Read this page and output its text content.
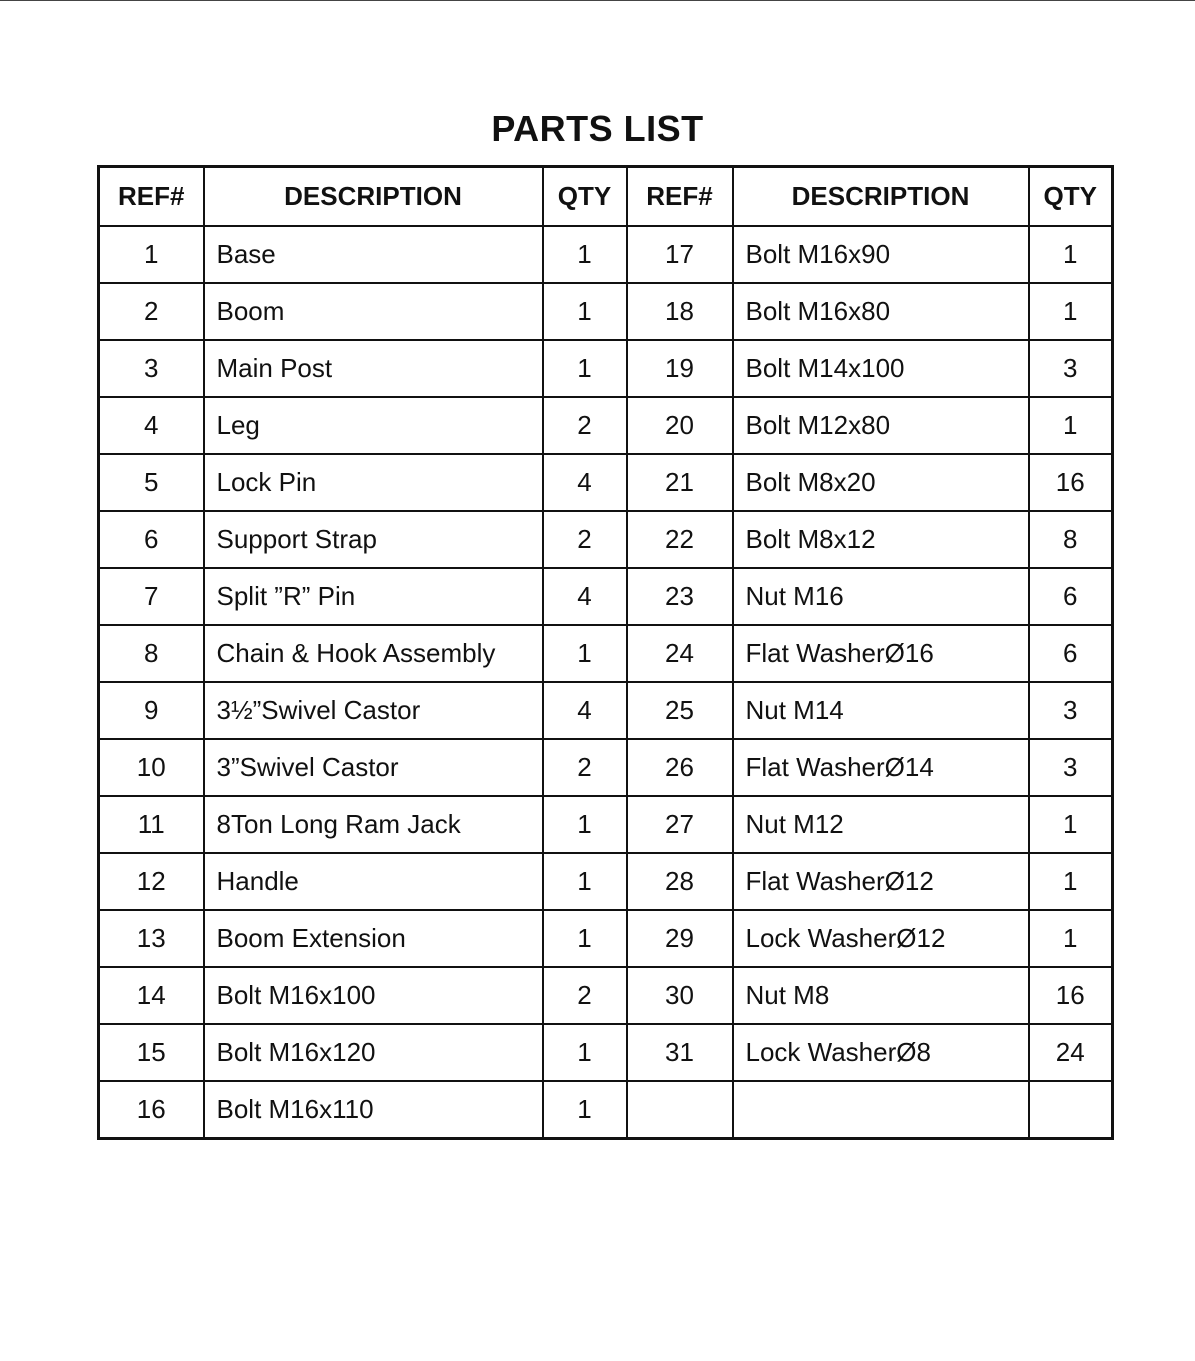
PARTS LIST
REF#	DESCRIPTION	QTY	REF#	DESCRIPTION	QTY
1	Base	1	17	Bolt M16x90	1
2	Boom	1	18	Bolt M16x80	1
3	Main Post	1	19	Bolt M14x100	3
4	Leg	2	20	Bolt M12x80	1
5	Lock Pin	4	21	Bolt M8x20	16
6	Support Strap	2	22	Bolt M8x12	8
7	Split ”R” Pin	4	23	Nut M16	6
8	Chain & Hook Assembly	1	24	Flat WasherØ16	6
9	3½”Swivel Castor	4	25	Nut M14	3
10	3”Swivel Castor	2	26	Flat WasherØ14	3
11	8Ton Long Ram Jack	1	27	Nut M12	1
12	Handle	1	28	Flat WasherØ12	1
13	Boom Extension	1	29	Lock WasherØ12	1
14	Bolt M16x100	2	30	Nut M8	16
15	Bolt M16x120	1	31	Lock WasherØ8	24
16	Bolt M16x110	1			
